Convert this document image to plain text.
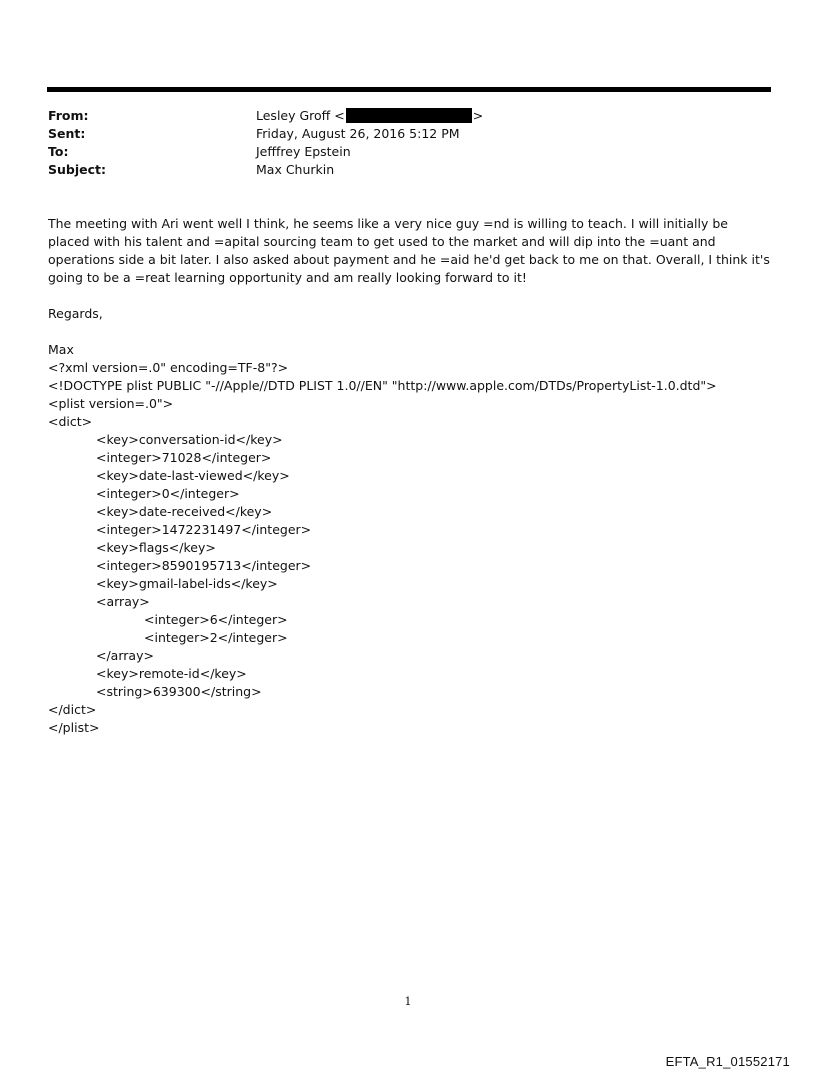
From:	Lesley Groff <	>
Sent:	Friday, August 26, 2016 5:12 PM
To:	Jefffrey Epstein
Subject:	Max Churkin

The meeting with Ari went well I think, he seems like a very nice guy =nd is willing to teach. I will initially be placed with his talent and =apital sourcing team to get used to the market and will dip into the =uant and operations side a bit later. I also asked about payment and he =aid he'd get back to me on that. Overall, I think it's going to be a =reat learning opportunity and am really looking forward to it!

Regards,

Max

<?xml version=.0" encoding=TF-8"?>
<!DOCTYPE plist PUBLIC "-//Apple//DTD PLIST 1.0//EN" "http://www.apple.com/DTDs/PropertyList-1.0.dtd">
<plist version=.0">
<dict>
<key>conversation-id</key>
<integer>71028</integer>
<key>date-last-viewed</key>
<integer>0</integer>
<key>date-received</key>
<integer>1472231497</integer>
<key>flags</key>
<integer>8590195713</integer>
<key>gmail-label-ids</key>
<array>
<integer>6</integer>
<integer>2</integer>
</array>
<key>remote-id</key>
<string>639300</string>
</dict>
</plist>
1
EFTA_R1_01552171
